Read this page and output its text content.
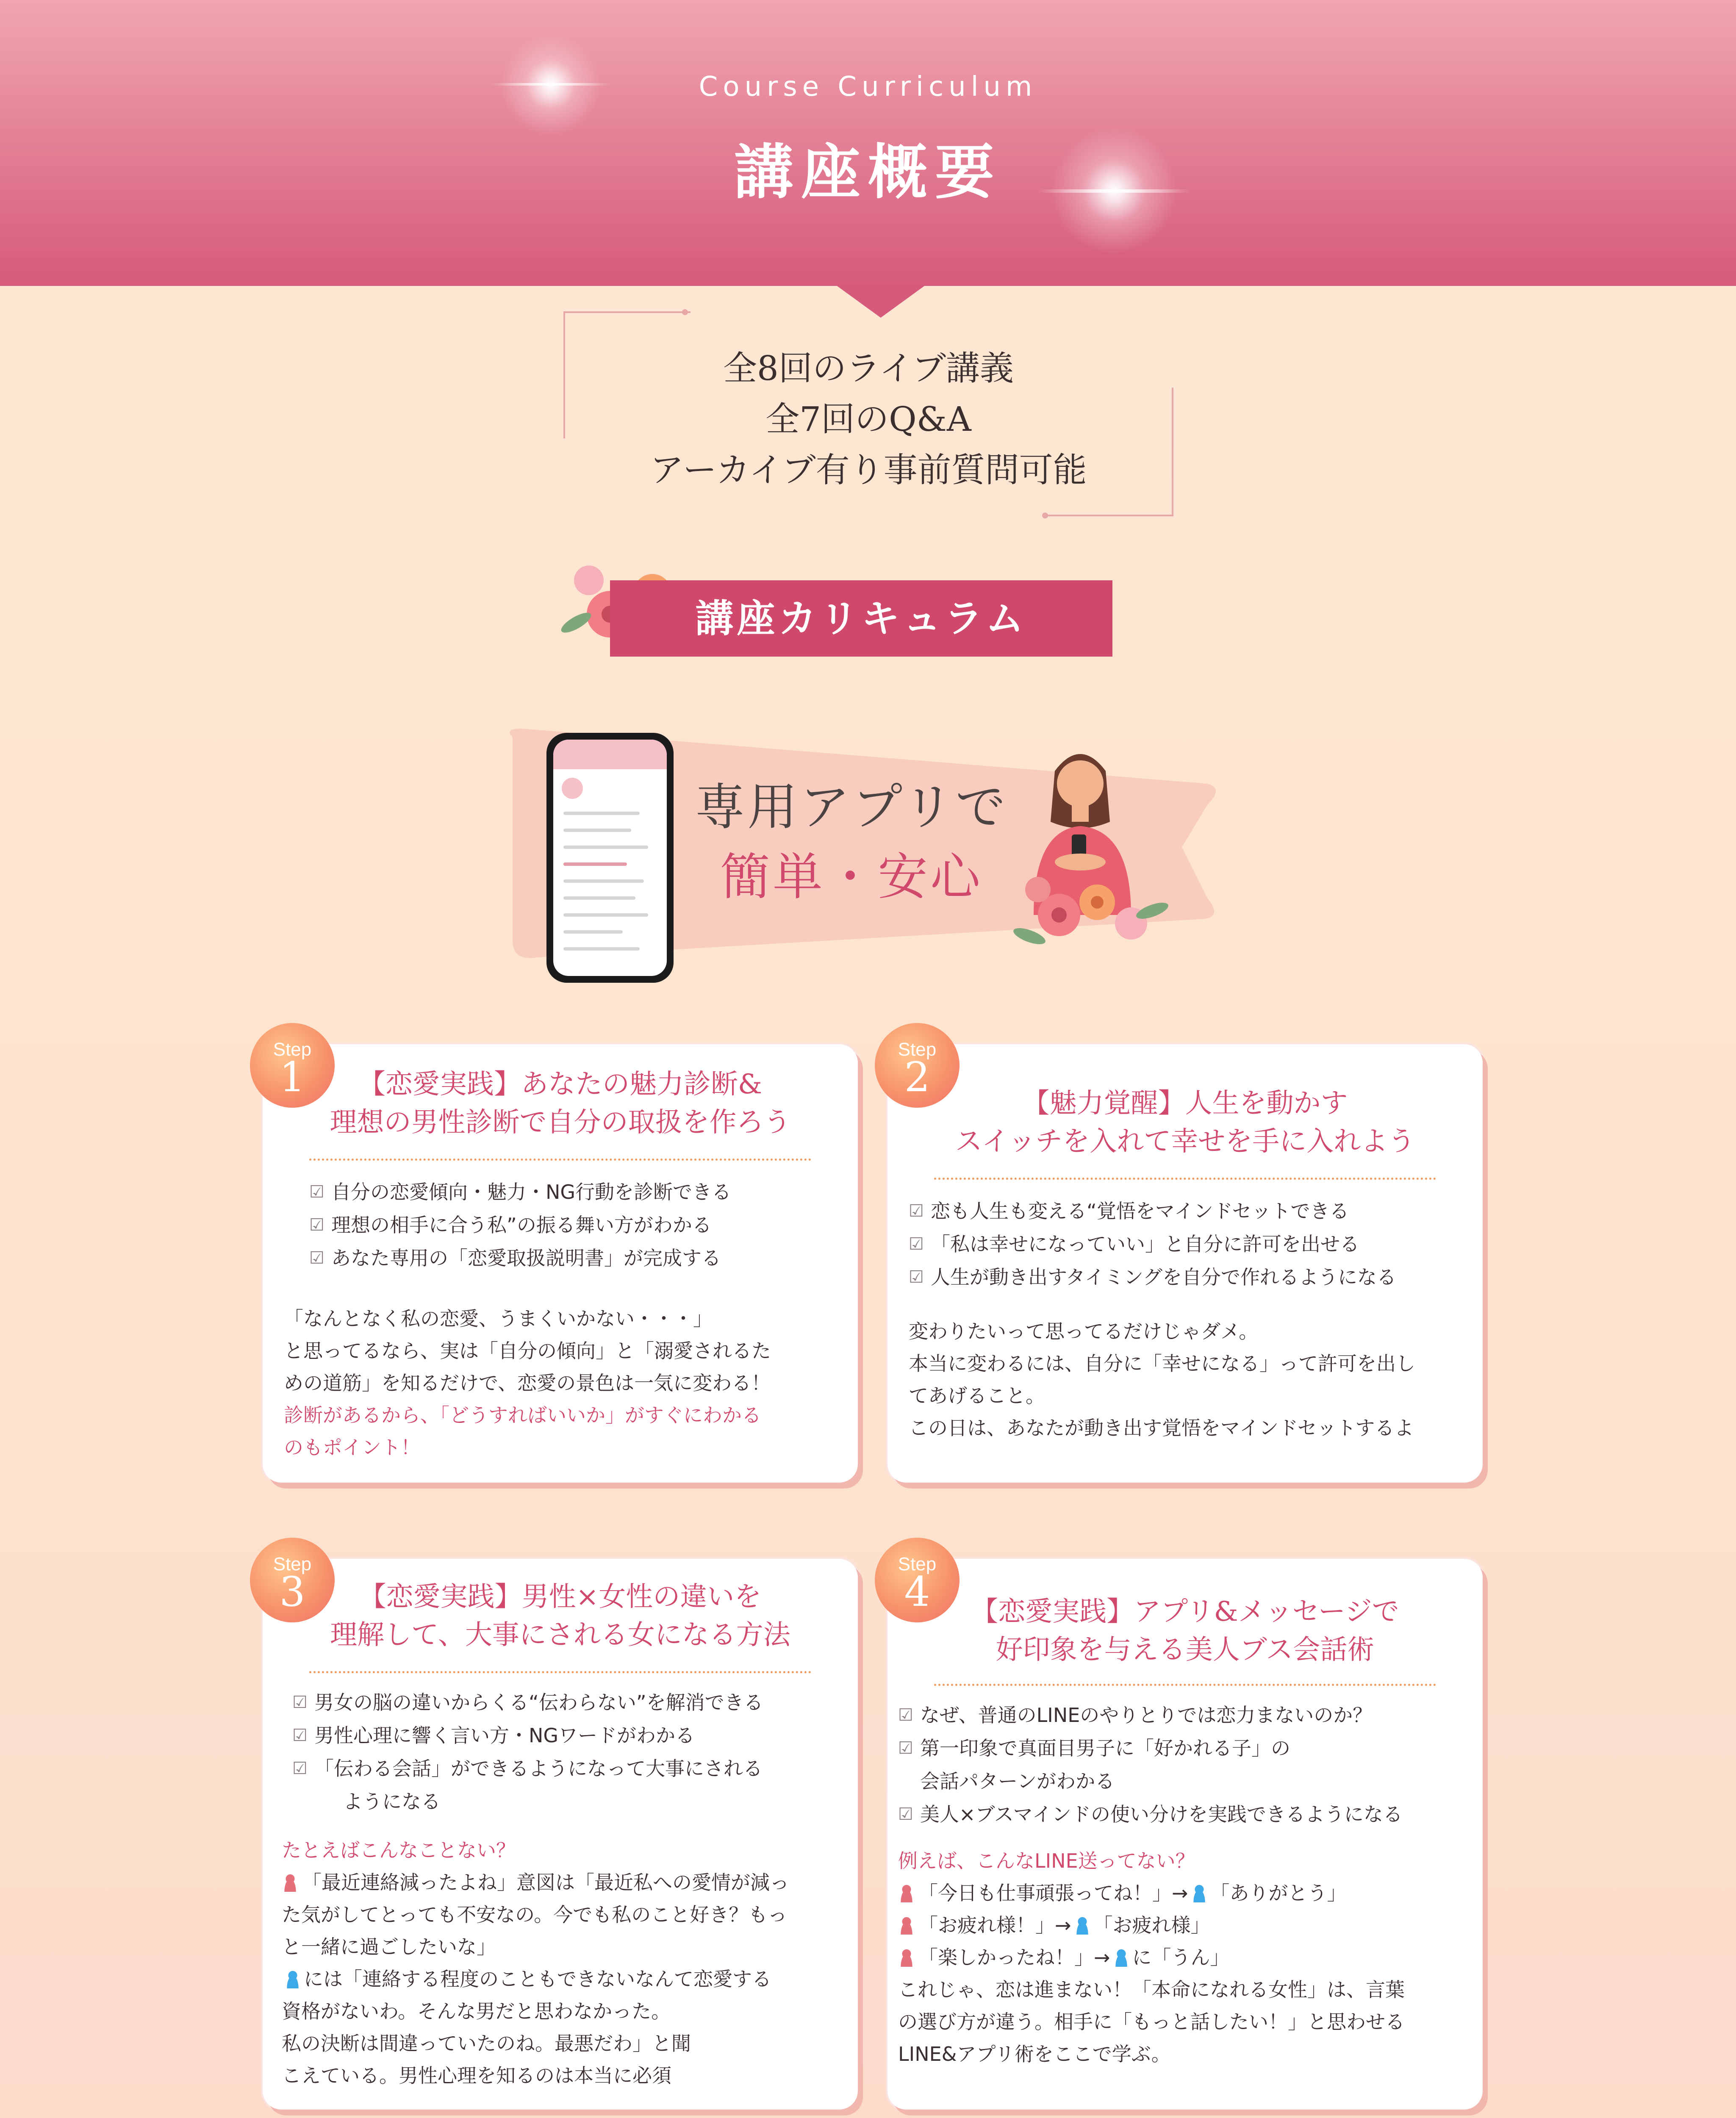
Course Curriculum
講座概要
全8回のライブ講義
全7回のQ&A
アーカイブ有り事前質問可能
講座カリキュラム
専用アプリで
簡単・安心
【恋愛実践】あなたの魅力診断&
理想の男性診断で自分の取扱を作ろう
☑ 自分の恋愛傾向・魅力・NG行動を診断できる
☑ 理想の相手に合う私”の振る舞い方がわかる
☑ あなた専用の「恋愛取扱説明書」が完成する
「なんとなく私の恋愛、うまくいかない・・・」
と思ってるなら、実は「自分の傾向」と「溺愛されるた
めの道筋」を知るだけで、恋愛の景色は一気に変わる！
診断があるから、「どうすればいいか」がすぐにわかる
のもポイント！
Step
1
【魅力覚醒】人生を動かす
スイッチを入れて幸せを手に入れよう
☑ 恋も人生も変える“覚悟をマインドセットできる
☑ 「私は幸せになっていい」と自分に許可を出せる
☑ 人生が動き出すタイミングを自分で作れるようになる
変わりたいって思ってるだけじゃダメ。
本当に変わるには、自分に「幸せになる」って許可を出し
てあげること。
この日は、あなたが動き出す覚悟をマインドセットするよ
Step
2
【恋愛実践】男性×女性の違いを
理解して、大事にされる女になる方法
☑ 男女の脳の違いからくる“伝わらない”を解消できる
☑ 男性心理に響く言い方・NGワードがわかる
☑ 「伝わる会話」ができるようになって大事にされる
ようになる
たとえばこんなことない？
「最近連絡減ったよね」意図は「最近私への愛情が減っ
た気がしてとっても不安なの。今でも私のこと好き？もっ
と一緒に過ごしたいな」
には「連絡する程度のこともできないなんて恋愛する
資格がないわ。そんな男だと思わなかった。
私の決断は間違っていたのね。最悪だわ」と聞
こえている。男性心理を知るのは本当に必須
Step
3	【恋愛実践】アプリ&メッセージで
好印象を与える美人ブス会話術
☑ なぜ、普通のLINEのやりとりでは恋力まないのか？
☑ 第一印象で真面目男子に「好かれる子」の
会話パターンがわかる
☑ 美人×ブスマインドの使い分けを実践できるようになる
例えば、こんなLINE送ってない？
「今日も仕事頑張ってね！」→ 「ありがとう」
「お疲れ様！」→ 「お疲れ様」
「楽しかったね！」→ に「うん」
これじゃ、恋は進まない！「本命になれる女性」は、言葉
の選び方が違う。相手に「もっと話したい！」と思わせる
LINE&アプリ術をここで学ぶ。
Step
4
